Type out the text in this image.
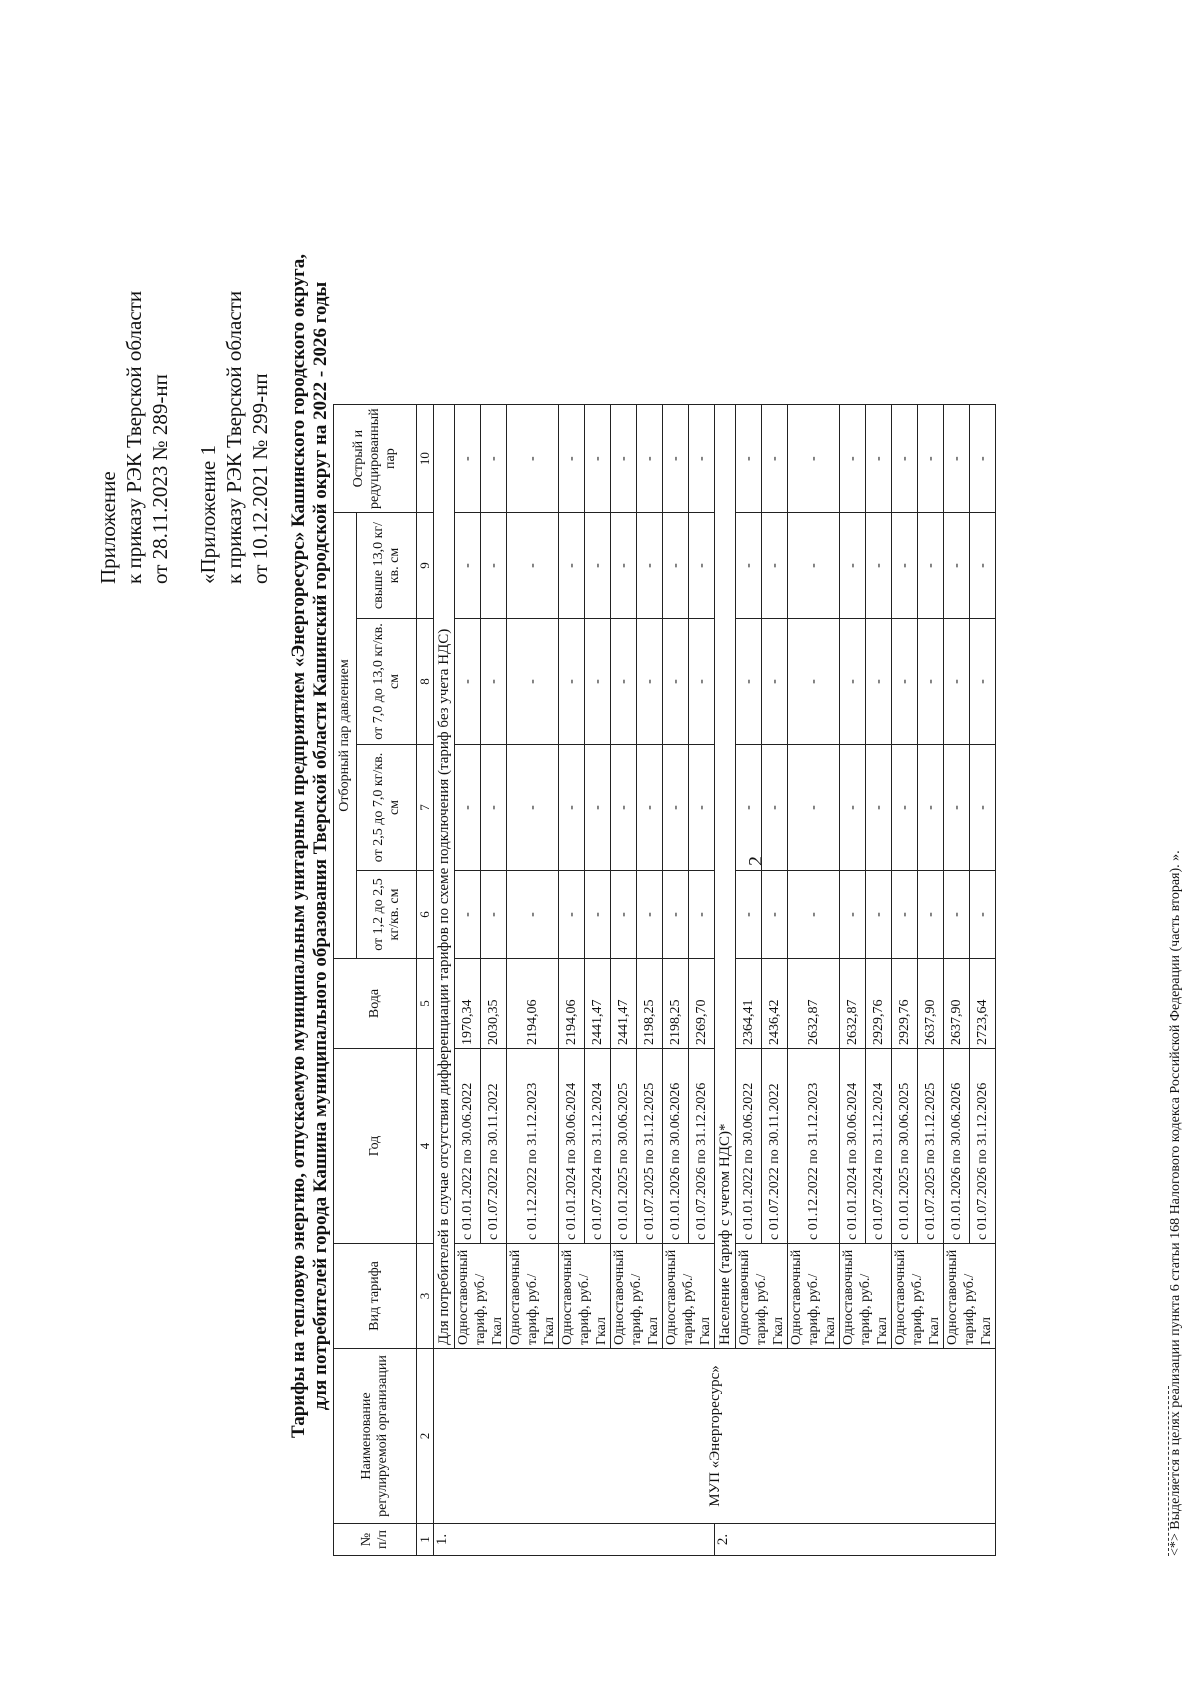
2
Приложение к приказу РЭК Тверской области от 28.11.2023 № 289-нп «Приложение 1 к приказу РЭК Тверской области от 10.12.2021 № 299-нп Тарифы на тепловую энергию, отпускаемую муниципальным унитарным предприятием «Энергоресурс» Кашинского городского округа, для потребителей города Кашина муниципального образования Тверской области Кашинский городской округ на 2022 - 2026 годы
№ п/п	Наименование регулируемой организации	Вид тарифа	Год	Вода	Отборный пар давлением				Острый и редуцированный пар
					от 1,2 до 2,5 кг/кв. см	от 2,5 до 7,0 кг/кв. см	от 7,0 до 13,0 кг/кв. см	свыше 13,0 кг/кв. см	
1	2	3	4	5	6	7	8	9	10
1.	МУП «Энергоресурс»	Для потребителей в случае отсутствия дифференциации тарифов по схеме подключения (тариф без учета НДС)							
		Одноставочный тариф, руб./Гкал	с 01.01.2022 по 30.06.2022	1970,34	-	-	-	-	-
			с 01.07.2022 по 30.11.2022	2030,35	-	-	-	-	-
		Одноставочный тариф, руб./Гкал	с 01.12.2022 по 31.12.2023	2194,06	-	-	-	-	-
		Одноставочный тариф, руб./Гкал	с 01.01.2024 по 30.06.2024	2194,06	-	-	-	-	-
			с 01.07.2024 по 31.12.2024	2441,47	-	-	-	-	-
		Одноставочный тариф, руб./Гкал	с 01.01.2025 по 30.06.2025	2441,47	-	-	-	-	-
			с 01.07.2025 по 31.12.2025	2198,25	-	-	-	-	-
		Одноставочный тариф, руб./Гкал	с 01.01.2026 по 30.06.2026	2198,25	-	-	-	-	-
			с 01.07.2026 по 31.12.2026	2269,70	-	-	-	-	-
2.		Население (тариф с учетом НДС)*							
		Одноставочный тариф, руб./Гкал	с 01.01.2022 по 30.06.2022	2364,41	-	-	-	-	-
			с 01.07.2022 по 30.11.2022	2436,42	-	-	-	-	-
		Одноставочный тариф, руб./Гкал	с 01.12.2022 по 31.12.2023	2632,87	-	-	-	-	-
		Одноставочный тариф, руб./Гкал	с 01.01.2024 по 30.06.2024	2632,87	-	-	-	-	-
			с 01.07.2024 по 31.12.2024	2929,76	-	-	-	-	-
		Одноставочный тариф, руб./Гкал	с 01.01.2025 по 30.06.2025	2929,76	-	-	-	-	-
			с 01.07.2025 по 31.12.2025	2637,90	-	-	-	-	-
		Одноставочный тариф, руб./Гкал	с 01.01.2026 по 30.06.2026	2637,90	-	-	-	-	-
			с 01.07.2026 по 31.12.2026	2723,64	-	-	-	-	-
<*> Выделяется в целях реализации пункта 6 статьи 168 Налогового кодекса Российской Федерации (часть вторая). ».
